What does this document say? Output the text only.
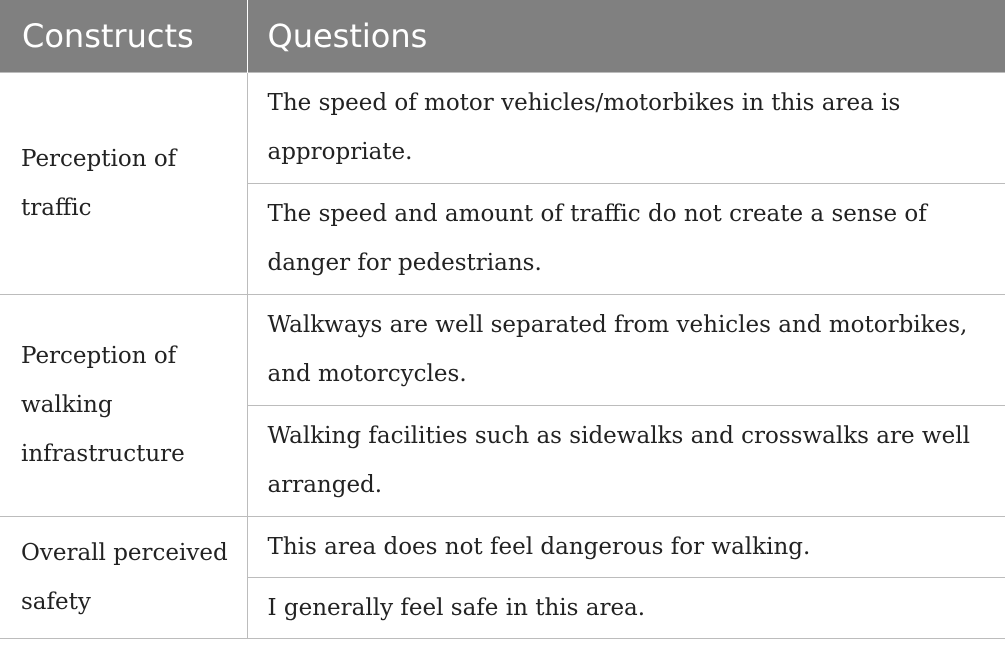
Constructs	Questions
Perception of traffic	The speed of motor vehicles/motorbikes in this area is appropriate.
	The speed and amount of traffic do not create a sense of danger for pedestrians.
Perception of walking infrastructure	Walkways are well separated from vehicles and motorbikes, and motorcycles.
	Walking facilities such as sidewalks and crosswalks are well arranged.
Overall perceived safety	This area does not feel dangerous for walking.
	I generally feel safe in this area.
